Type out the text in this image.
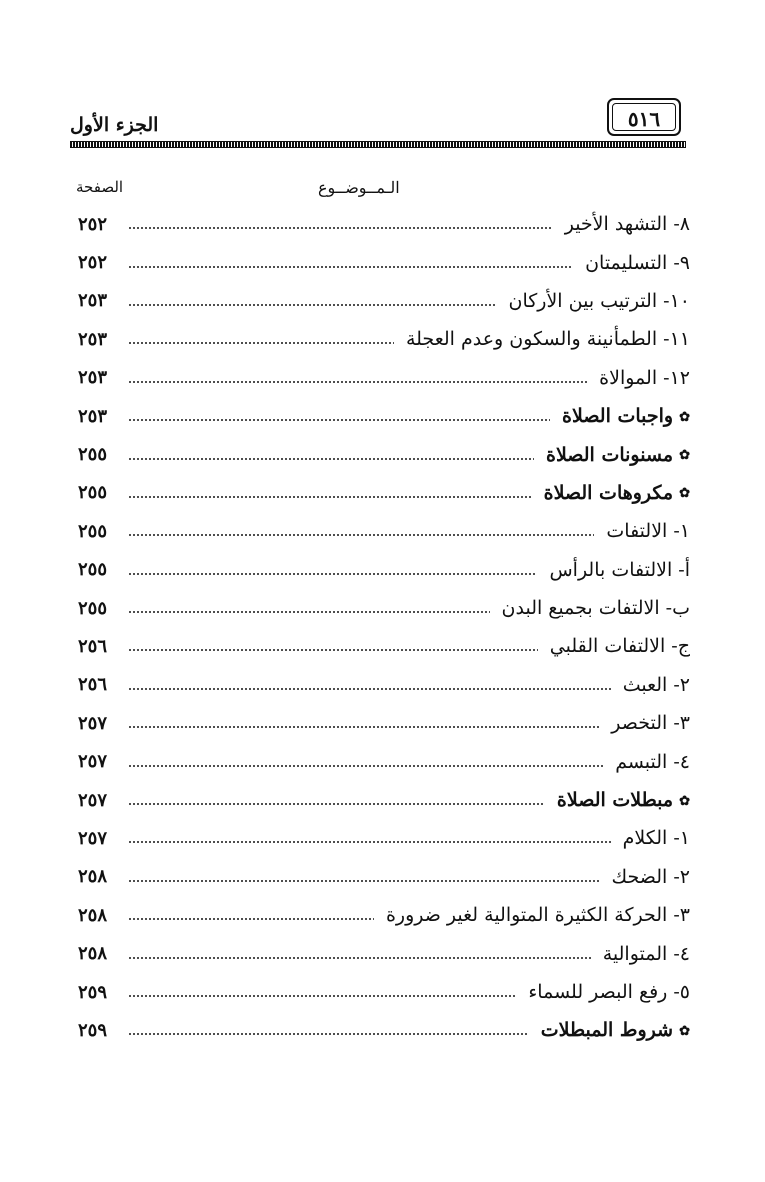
الجزء الأول	٥١٦
الصفحة	الـمــوضــوع
٨- التشهد الأخير
٢٥٢
٩- التسليمتان
٢٥٢
١٠- الترتيب بين الأركان
٢٥٣
١١- الطمأنينة والسكون وعدم العجلة
٢٥٣
١٢- الموالاة
٢٥٣
✿واجبات الصلاة
٢٥٣
✿مسنونات الصلاة
٢٥٥
✿مكروهات الصلاة
٢٥٥
١- الالتفات
٢٥٥
أ- الالتفات بالرأس
٢٥٥
ب- الالتفات بجميع البدن
٢٥٥
ج- الالتفات القلبي
٢٥٦
٢- العبث
٢٥٦
٣- التخصر
٢٥٧
٤- التبسم
٢٥٧
✿مبطلات الصلاة
٢٥٧
١- الكلام
٢٥٧
٢- الضحك
٢٥٨
٣- الحركة الكثيرة المتوالية لغير ضرورة
٢٥٨
٤- المتوالية
٢٥٨
٥- رفع البصر للسماء
٢٥٩
✿شروط المبطلات
٢٥٩
